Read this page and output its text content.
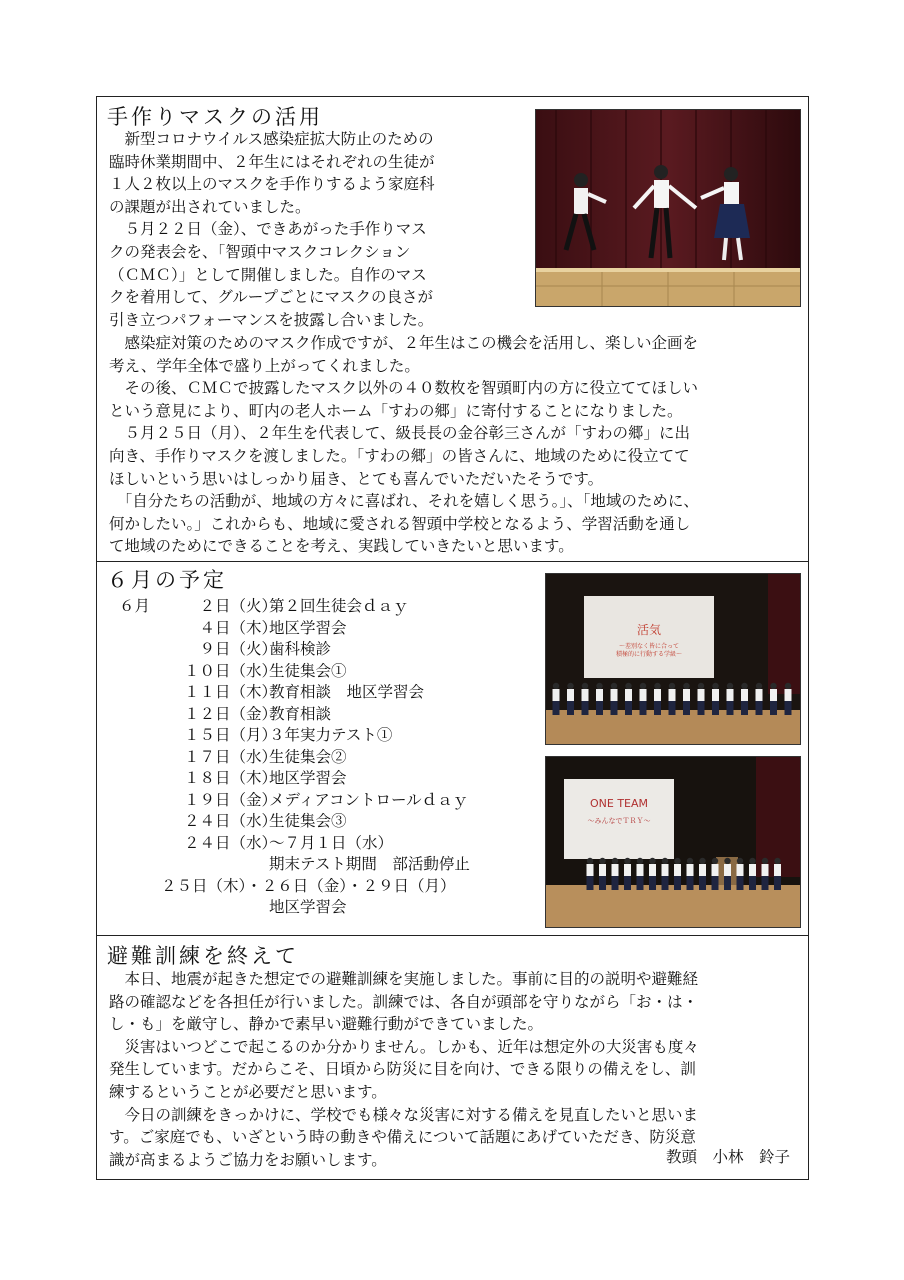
手作りマスクの活用
　新型コロナウイルス感染症拡大防止のための
臨時休業期間中、２年生にはそれぞれの生徒が
１人２枚以上のマスクを手作りするよう家庭科
の課題が出されていました。
　５月２２日（金）、できあがった手作りマス
クの発表会を、「智頭中マスクコレクション
（ＣＭＣ）」として開催しました。自作のマス
クを着用して、グループごとにマスクの良さが
引き立つパフォーマンスを披露し合いました。
　感染症対策のためのマスク作成ですが、２年生はこの機会を活用し、楽しい企画を
考え、学年全体で盛り上がってくれました。
　その後、ＣＭＣで披露したマスク以外の４０数枚を智頭町内の方に役立ててほしい
という意見により、町内の老人ホーム「すわの郷」に寄付することになりました。
　５月２５日（月）、２年生を代表して、級長長の金谷彰三さんが「すわの郷」に出
向き、手作りマスクを渡しました。「すわの郷」の皆さんに、地域のために役立てて
ほしいという思いはしっかり届き、とても喜んでいただいたそうです。
　「自分たちの活動が、地域の方々に喜ばれ、それを嬉しく思う。」、「地域のために、
何かしたい。」これからも、地域に愛される智頭中学校となるよう、学習活動を通し
て地域のためにできることを考え、実践していきたいと思います。
６月の予定
６月	２日（火）
第２回生徒会ｄａｙ
４日（木）
地区学習会
９日（火）
歯科検診
１０日（水）
生徒集会①
１１日（木）
教育相談　地区学習会
１２日（金）
教育相談
１５日（月）
３年実力テスト①
１７日（水）
生徒集会②
１８日（木）
地区学習会
１９日（金）
メディアコントロールｄａｙ
２４日（水）
生徒集会③
２４日（水）
～７月１日（水）
期末テスト期間　部活動停止
２５日（木）・２６日（金）・２９日（月）
地区学習会
活気
～差別なく皆に合って
積極的に行動する学級～
ONE TEAM
～みんなでＴＲＹ～
避難訓練を終えて
　本日、地震が起きた想定での避難訓練を実施しました。事前に目的の説明や避難経
路の確認などを各担任が行いました。訓練では、各自が頭部を守りながら「お・は・
し・も」を厳守し、静かで素早い避難行動ができていました。
　災害はいつどこで起こるのか分かりません。しかも、近年は想定外の大災害も度々
発生しています。だからこそ、日頃から防災に目を向け、できる限りの備えをし、訓
練するということが必要だと思います。
　今日の訓練をきっかけに、学校でも様々な災害に対する備えを見直したいと思いま
す。ご家庭でも、いざという時の動きや備えについて話題にあげていただき、防災意
識が高まるようご協力をお願いします。	教頭　小林　鈴子
